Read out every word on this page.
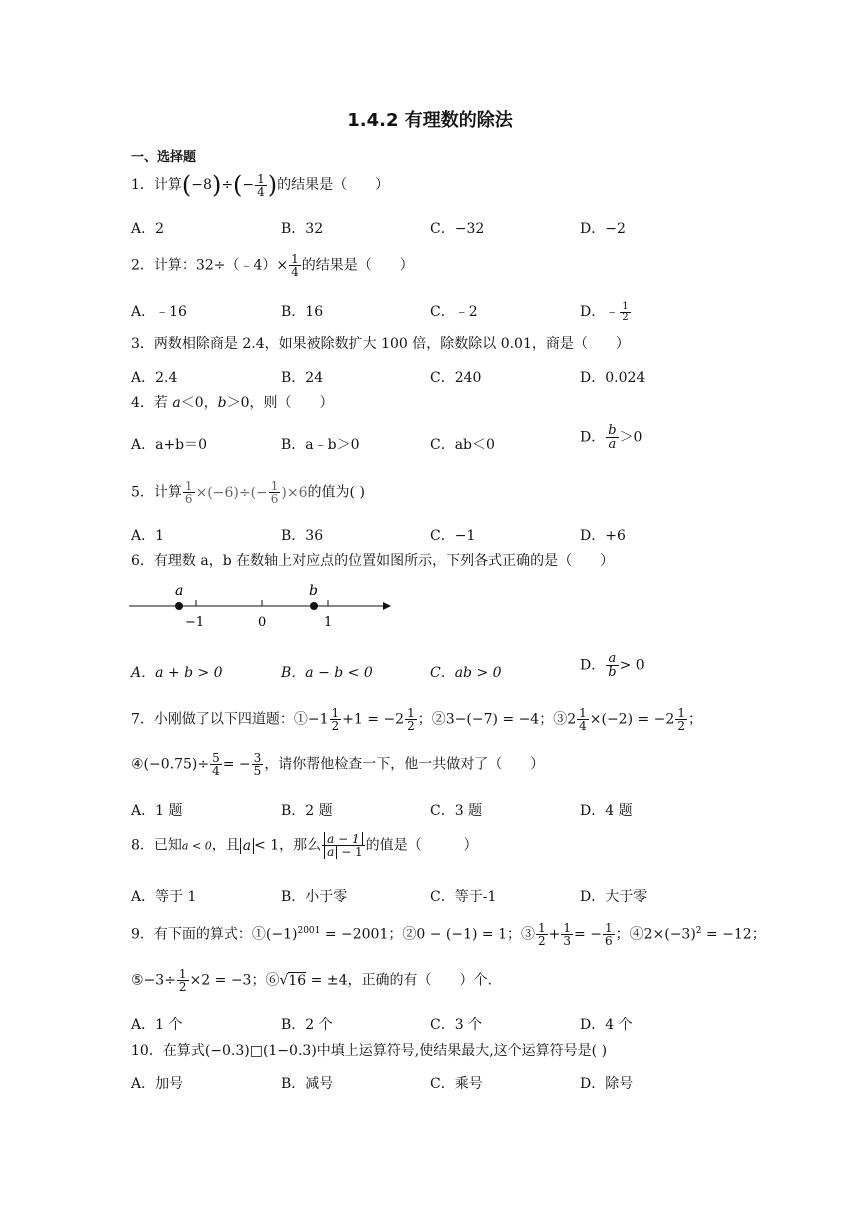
1.4.2 有理数的除法
一、选择题
1．计算$(-8)\div(- \frac{1}{4}$ )的结果是（　　）
A．2	B．32	C．−32	D．−2
2．计算：32÷（﹣4）× $\frac{1}{4}$ 的结果是（　　）
A．﹣16	B．16	C．﹣2	D．﹣ $\frac{1}{2}$
3．两数相除商是 2.4，如果被除数扩大 100 倍，除数除以 0.01，商是（　　）
A．2.4	B．24	C．240	D．0.024
4．若 a＜0，b＞0，则（　　）
A．a+b＝0	B．a﹣b＞0	C．ab＜0	D． $\frac{b}{a} >0$
5．计算 $\frac{1}{6} \times(-6)\div(- \frac{1}{6} )\times 6$的值为( )
A．1	B．36	C．−1	D．+6
6．有理数 a，b 在数轴上对应点的位置如图所示，下列各式正确的是（　　）
a	b
−1	0	1
A．a + b > 0	B．a − b < 0	C．ab > 0	D． $\frac{a}{b} > 0$
7．小刚做了以下四道题：①−1 $\frac{1}{2} +1 = -2 \frac{1}{2}$ ；②3−(−7) = −4；③2 $\frac{1}{4} \times(-2) = -2 \frac{1}{2}$ ；
④(−0.75)÷ $\frac{5}{4}$ = − $\frac{3}{5}$ ，请你帮他检查一下，他一共做对了（　　）
A．1 题	B．2 题	C．3 题	D．4 题
8．已知a < 0，且 a < 1，那么 $\frac{a - 1}{a - 1}$ 的值是（　　　）
A．等于 1	B．小于零	C．等于-1	D．大于零
9．有下面的算式：$①(-1)^{2001} = -2001$；②0 − (−1) = 1；③ $\frac{1}{2} + \frac{1}{3}$ = − $\frac{1}{6}$ ；$④2\times(-3)^2 = -12$；
⑤−3÷ $\frac{1}{2} \times 2 = -3$；⑥√16 = ±4，正确的有（　　）个.
A．1 个	B．2 个	C．3 个	D．4 个
10．在算式(−0.3)□(1−0.3)中填上运算符号,使结果最大,这个运算符号是( )
A．加号	B．减号	C．乘号	D．除号
